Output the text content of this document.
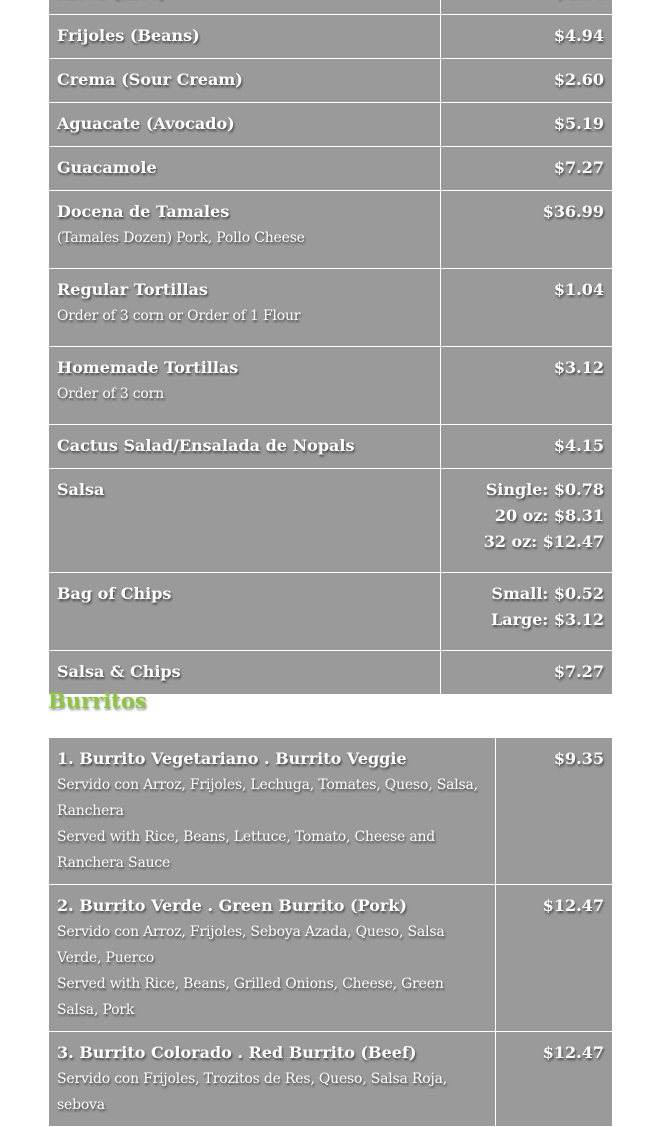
Frijoles (Beans)	$4.94

Crema (Sour Cream)	$2.60

Aguacate (Avocado)	$5.19

Guacamole	$7.27

Docena de Tamales
(Tamales Dozen) Pork, Pollo Cheese	$36.99

Regular Tortillas
Order of 3 corn or Order of 1 Flour	$1.04

Homemade Tortillas
Order of 3 corn	$3.12

Cactus Salad/Ensalada de Nopals	$4.15

Salsa	Single: $0.78
20 oz: $8.31
32 oz: $12.47

Bag of Chips	Small: $0.52
Large: $3.12

Salsa & Chips	$7.27
Burritos
1. Burrito Vegetariano . Burrito Veggie
Servido con Arroz, Frijoles, Lechuga, Tomates, Queso, Salsa, Ranchera
Served with Rice, Beans, Lettuce, Tomato, Cheese and Ranchera Sauce	$9.35

2. Burrito Verde . Green Burrito (Pork)
Servido con Arroz, Frijoles, Seboya Azada, Queso, Salsa Verde, Puerco
Served with Rice, Beans, Grilled Onions, Cheese, Green Salsa, Pork	$12.47

3. Burrito Colorado . Red Burrito (Beef)
Servido con Frijoles, Trozitos de Res, Queso, Salsa Roja, sebova	$12.47
